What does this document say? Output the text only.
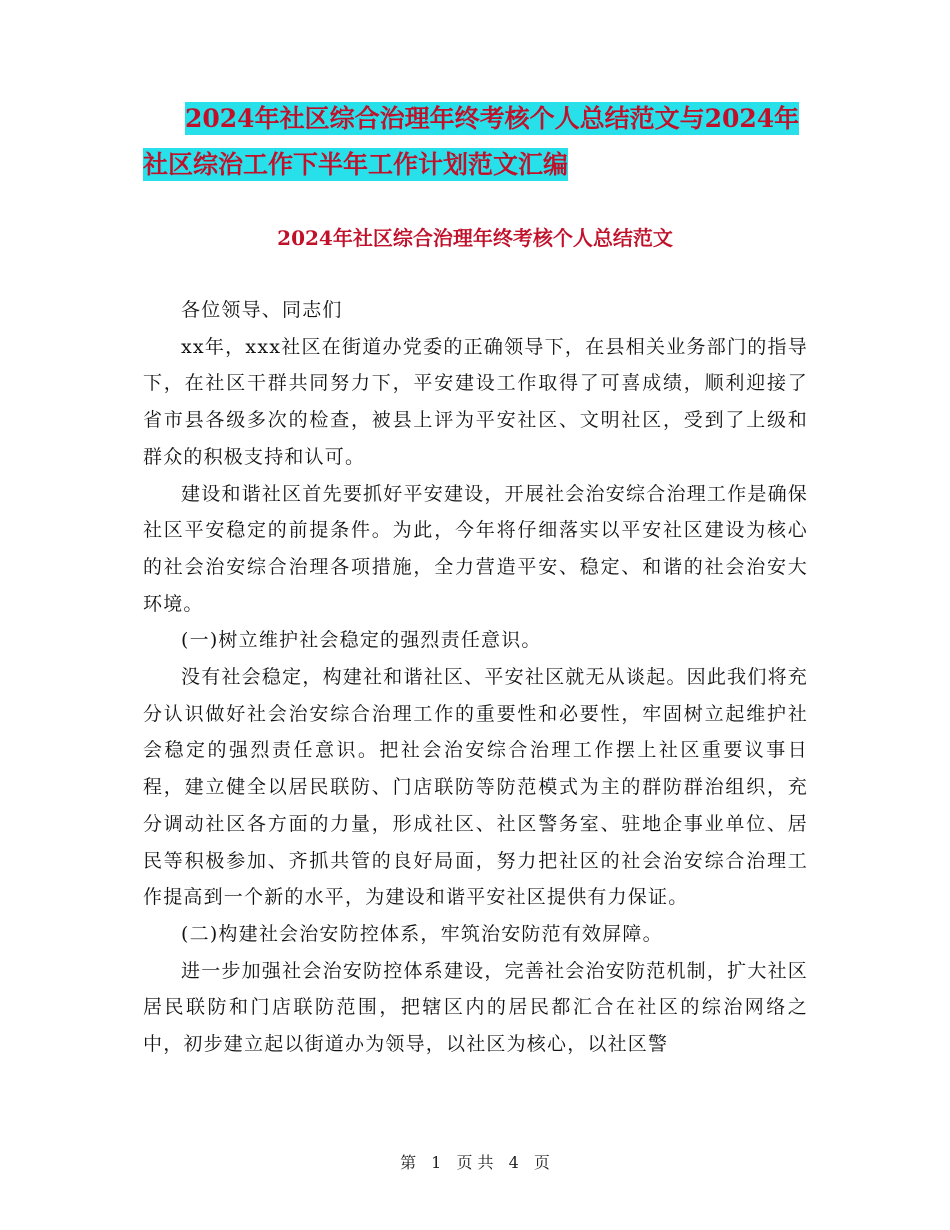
2024年社区综合治理年终考核个人总结范文与2024年
社区综治工作下半年工作计划范文汇编
2024年社区综合治理年终考核个人总结范文

各位领导、同志们

xx年，xxx社区在街道办党委的正确领导下，在县相关业务部门的指导下，在社区干群共同努力下，平安建设工作取得了可喜成绩，顺利迎接了省市县各级多次的检查，被县上评为平安社区、文明社区，受到了上级和群众的积极支持和认可。

建设和谐社区首先要抓好平安建设，开展社会治安综合治理工作是确保社区平安稳定的前提条件。为此，今年将仔细落实以平安社区建设为核心的社会治安综合治理各项措施，全力营造平安、稳定、和谐的社会治安大环境。

(一)树立维护社会稳定的强烈责任意识。

没有社会稳定，构建社和谐社区、平安社区就无从谈起。因此我们将充分认识做好社会治安综合治理工作的重要性和必要性，牢固树立起维护社会稳定的强烈责任意识。把社会治安综合治理工作摆上社区重要议事日程，建立健全以居民联防、门店联防等防范模式为主的群防群治组织，充分调动社区各方面的力量，形成社区、社区警务室、驻地企事业单位、居民等积极参加、齐抓共管的良好局面，努力把社区的社会治安综合治理工作提高到一个新的水平，为建设和谐平安社区提供有力保证。

(二)构建社会治安防控体系，牢筑治安防范有效屏障。

进一步加强社会治安防控体系建设，完善社会治安防范机制，扩大社区居民联防和门店联防范围，把辖区内的居民都汇合在社区的综治网络之中，初步建立起以街道办为领导，以社区为核心，以社区警

第 1 页 共 4 页
